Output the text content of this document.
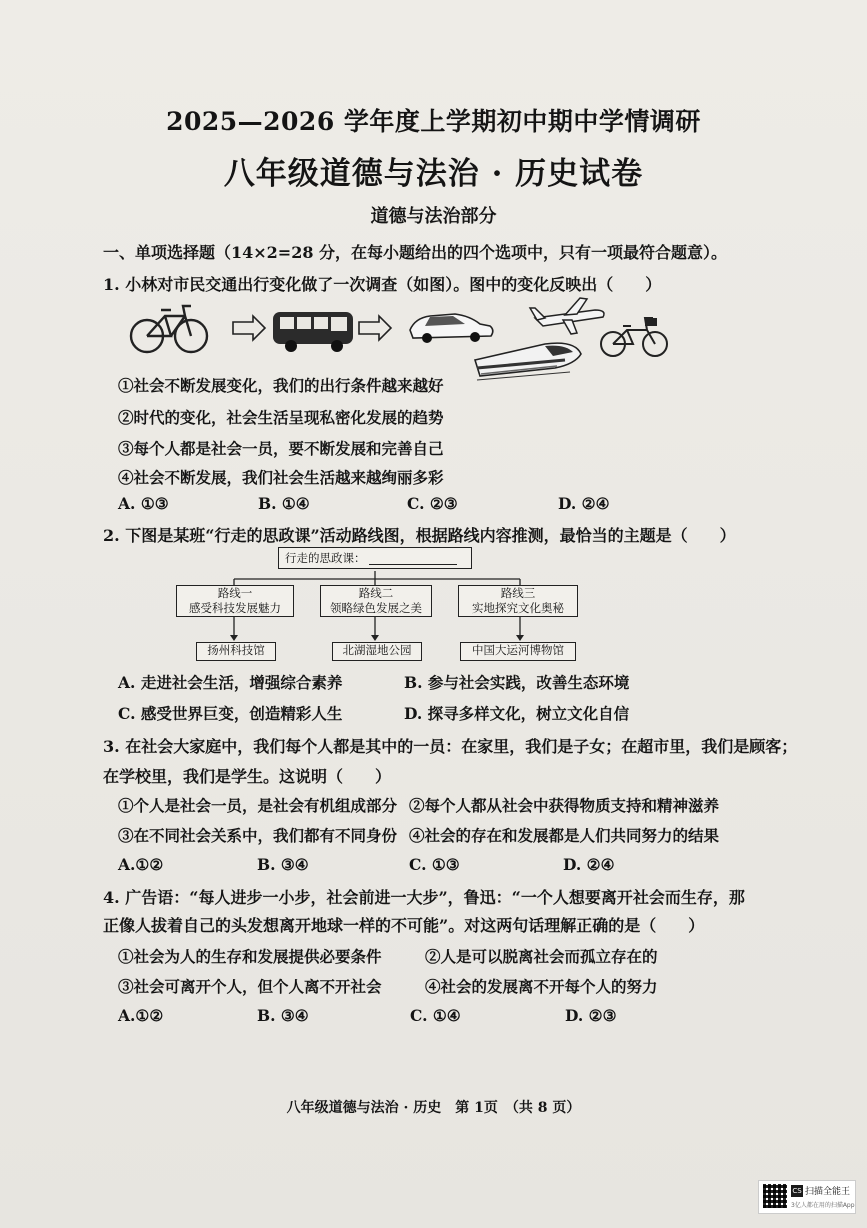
2025—2026 学年度上学期初中期中学情调研
八年级道德与法治 · 历史试卷
道德与法治部分
一、单项选择题（14×2=28 分，在每小题给出的四个选项中，只有一项最符合题意）。
1. 小林对市民交通出行变化做了一次调查（如图）。图中的变化反映出（　　）
①社会不断发展变化，我们的出行条件越来越好
②时代的变化，社会生活呈现私密化发展的趋势
③每个人都是社会一员，要不断发展和完善自己
④社会不断发展，我们社会生活越来越绚丽多彩
A. ①③	B. ①④	C. ②③	D. ②④
2. 下图是某班“行走的思政课”活动路线图，根据路线内容推测，最恰当的主题是（　　）
行走的思政课：
路线一
感受科技发展魅力
路线二
领略绿色发展之美
路线三
实地探究文化奥秘
扬州科技馆	北湖湿地公园	中国大运河博物馆
A. 走进社会生活，增强综合素养	B. 参与社会实践，改善生态环境
C. 感受世界巨变，创造精彩人生	D. 探寻多样文化，树立文化自信
3. 在社会大家庭中，我们每个人都是其中的一员：在家里，我们是子女；在超市里，我们是顾客；
在学校里，我们是学生。这说明（　　）
①个人是社会一员，是社会有机组成部分 ②每个人都从社会中获得物质支持和精神滋养
③在不同社会关系中，我们都有不同身份 ④社会的存在和发展都是人们共同努力的结果
A.①②	B. ③④	C. ①③	D. ②④
4. 广告语：“每人进步一小步，社会前进一大步”，鲁迅：“一个人想要离开社会而生存，那
正像人拔着自己的头发想离开地球一样的不可能”。对这两句话理解正确的是（　　）
①社会为人的生存和发展提供必要条件	②人是可以脱离社会而孤立存在的
③社会可离开个人，但个人离不开社会	④社会的发展离不开每个人的努力
A.①②	B. ③④	C. ①④	D. ②③
八年级道德与法治 · 历史　第 1页　（共 8 页）
CS 扫描全能王
3亿人都在用的扫描App
